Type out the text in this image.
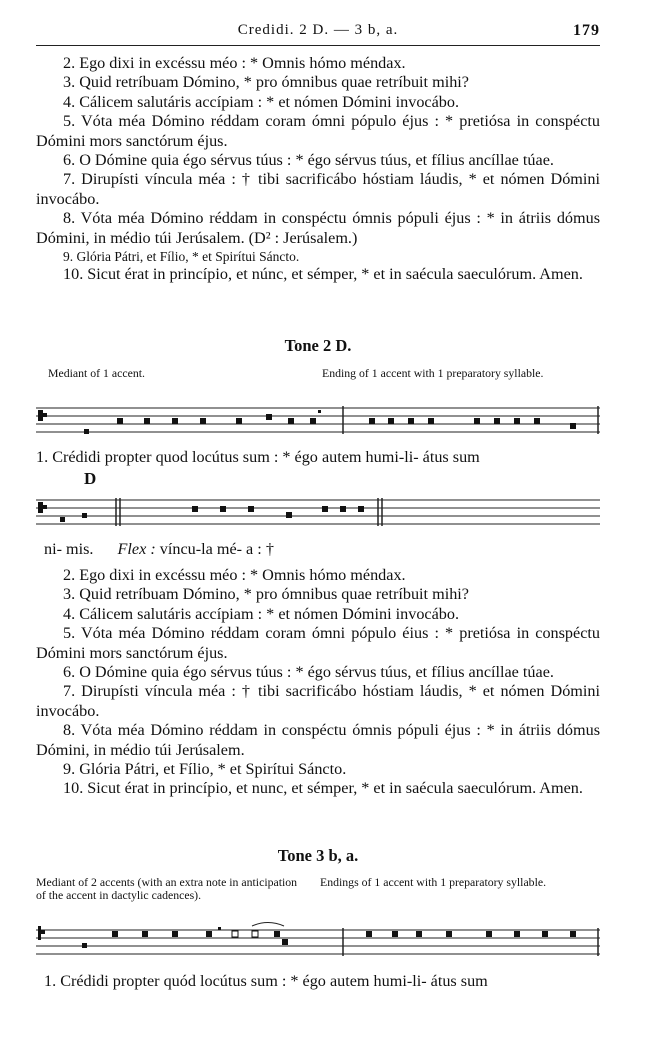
Credidi. 2 D. — 3 b, a.	179

2. Ego dixi in excéssu méo : * Omnis hómo méndax.

3. Quid retríbuam Dómino, * pro ómnibus quae retríbuit mihi?

4. Cálicem salutáris accípiam : * et nómen Dómini invocábo.

5. Vóta méa Dómino réddam coram ómni pópulo éjus : * pretiósa in conspéctu Dómini mors sanctórum éjus.

6. O Dómine quia égo sérvus túus : * égo sérvus túus, et fílius ancíllae túae.

7. Dirupísti víncula méa : † tibi sacrificábo hóstiam láudis, * et nómen Dómini invocábo.

8. Vóta méa Dómino réddam in conspéctu ómnis pópuli éjus : * in átriis dómus Dómini, in médio túi Jerúsalem. (D² : Jerúsalem.)

9. Glória Pátri, et Fílio, * et Spirítui Sáncto.

10. Sicut érat in princípio, et núnc, et sémper, * et in saécula saeculórum. Amen.

Tone 2 D.
Mediant of 1 accent.	Ending of 1 accent with 1 preparatory syllable.
1. Crédidi propter quod locútus sum : * égo autem humi-li- átus sum
D
ni- mis. Flex : víncu-la mé- a : †

2. Ego dixi in excéssu méo : * Omnis hómo méndax.

3. Quid retríbuam Dómino, * pro ómnibus quae retríbuit mihi?

4. Cálicem salutáris accípiam : * et nómen Dómini invocábo.

5. Vóta méa Dómino réddam coram ómni pópulo éius : * pretiósa in conspéctu Dómini mors sanctórum éjus.

6. O Dómine quia égo sérvus túus : * égo sérvus túus, et fílius ancíllae túae.

7. Dirupísti víncula méa : † tibi sacrificábo hóstiam láudis, * et nómen Dómini invocábo.

8. Vóta méa Dómino réddam in conspéctu ómnis pópuli éjus : * in átriis dómus Dómini, in médio túi Jerúsalem.

9. Glória Pátri, et Fílio, * et Spirítui Sáncto.

10. Sicut érat in princípio, et nunc, et sémper, * et in saécula saeculórum. Amen.

Tone 3 b, a.
Mediant of 2 accents (with an extra note in anticipation of the accent in dactylic cadences).
Endings of 1 accent with 1 preparatory syllable.
1. Crédidi propter quód locútus sum : * égo autem humi-li- átus sum
